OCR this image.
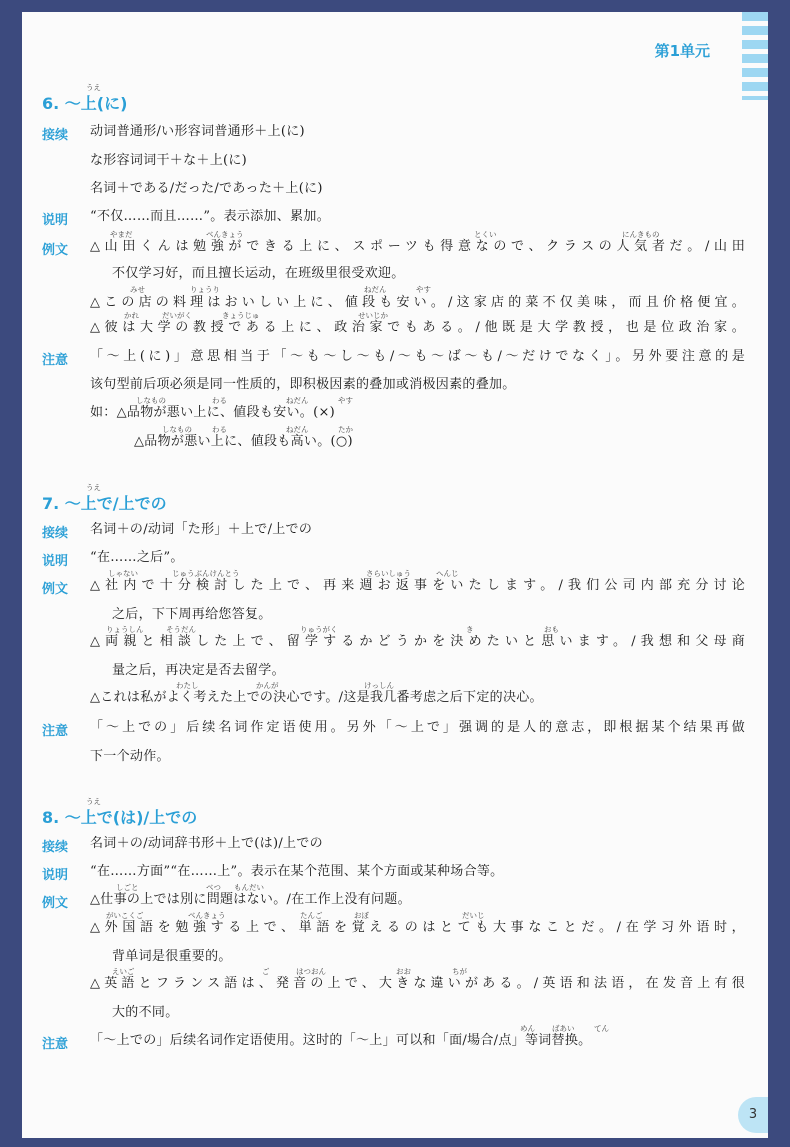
第1单元
うえ
6. ～上(に)
接续 动词普通形/い形容词普通形＋上(に)
な形容词词干＋な＋上(に)
名词＋である/だった/であった＋上(に)
说明 “不仅……而且……”。表示添加、累加。
例文
やまだ	べんきょう	とくい	にんきもの
△山田くんは勉強ができる上に、スポーツも得意なので、クラスの人気者だ。/山田
不仅学习好，而且擅长运动，在班级里很受欢迎。
みせ	りょうり	ねだん	やす
△この店の料理はおいしい上に、値段も安い。/这家店的菜不仅美味，而且价格便宜。
かれ	だいがく	きょうじゅ	せいじか
△彼は大学の教授である上に、政治家でもある。/他既是大学教授，也是位政治家。
注意 「～上(に)」意思相当于「～も～し～も/～も～ば～も/～だけでなく」。另外要注意的是
该句型前后项必须是同一性质的，即积极因素的叠加或消极因素的叠加。
しなもの	わる	ねだん	やす
如：△品物が悪い上に、値段も安い。(×)
しなもの	わる	ねだん	たか
△品物が悪い上に、値段も高い。(○)
うえ
7. ～上で/上での
接续 名词＋の/动词「た形」＋上で/上での
说明 “在……之后”。
例文
しゃない	じゅうぶんけんとう	さらいしゅう	へんじ
△社内で十分検討した上で、再来週お返事をいたします。/我们公司内部充分讨论
之后，下下周再给您答复。
りょうしん	そうだん	りゅうがく	き	おも
△両親と相談した上で、留学するかどうかを決めたいと思います。/我想和父母商
量之后，再决定是否去留学。
わたし	かんが	けっしん
△これは私がよく考えた上での決心です。/这是我几番考虑之后下定的决心。
注意 「～上での」后续名词作定语使用。另外「～上で」强调的是人的意志，即根据某个结果再做
下一个动作。
うえ
8. ～上で(は)/上での
接续 名词＋の/动词辞书形＋上で(は)/上での
说明 “在……方面”“在……上”。表示在某个范围、某个方面或某种场合等。
例文
しごと	べつ もんだい
△仕事の上では別に問題はない。/在工作上没有问题。
がいこくご	べんきょう	たんご	おぼ	だいじ
△外国語を勉強する上で、単語を覚えるのはとても大事なことだ。/在学习外语时，
背单词是很重要的。
えいご	ご	はつおん	おお	ちが
△英語とフランス語は、発音の上で、大きな違いがある。/英语和法语，在发音上有很
大的不同。
注意
めん ばあい	てん
「～上での」后续名词作定语使用。这时的「～上」可以和「面/場合/点」等词替换。
3
